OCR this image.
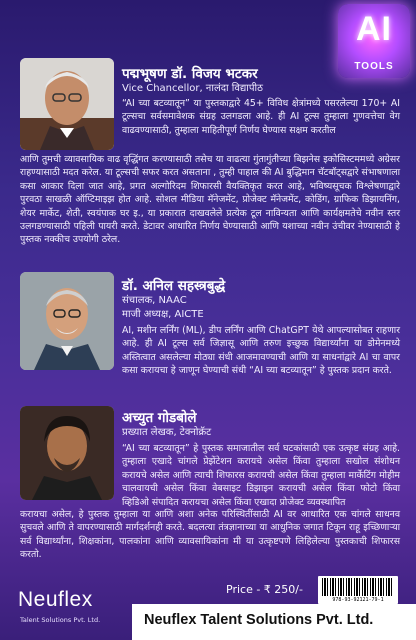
AI
TOOLS
पद्मभूषण डॉ. विजय भटकर
Vice Chancellor, नालंदा विद्यापीठ

“AI च्या बटव्यातून” या पुस्तकाद्वारे 45+ विविध क्षेत्रांमध्ये पसरलेल्या 170+ AI टूल्सचा सर्वसमावेशक संग्रह उलगडला आहे. ही AI टूल्स तुम्हाला गुणवत्तेचा वेग वाढवण्यासाठी, तुम्हाला माहितीपूर्ण निर्णय घेण्यास सक्षम करतील

आणि तुमची व्यावसायिक वाढ वृद्धिंगत करण्यासाठी तसेच या वाढत्या गुंतागुंतीच्या बिझनेस इकोसिस्टममध्ये अग्रेसर राहण्यासाठी मदत करेल. या टूल्सची सफर करत असताना , तुम्ही पाहाल की AI बुद्धिमान चॅटबॉट्सद्वारे संभाषणाला कसा आकार दिला जात आहे, प्रगत अल्गोरिदम शिफारसी वैयक्तिकृत करत आहे, भविष्यसूचक विश्लेषणाद्वारे पुरवठा साखळी ऑप्टिमाइझ होत आहे. सोशल मीडिया मॅनेजमेंट, प्रोजेक्ट मॅनेजमेंट, कोडिंग, ग्राफिक डिझायनिंग, शेयर मार्केट, शेती, स्वयंपाक घर इ., या प्रकारात दाखवलेले प्रत्येक टूल नाविन्यता आणि कार्यक्षमतेचे नवीन स्तर उलगडण्यासाठी पहिली पायरी करते. डेटावर आधारित निर्णय घेण्यासाठी आणि यशाच्या नवीन उंचीवर नेण्यासाठी हे पुस्तक नक्कीच उपयोगी ठरेल.

डॉ. अनिल सहस्त्रबुद्धे
संचालक, NAAC
माजी अध्यक्ष, AICTE

AI, मशीन लर्निंग (ML), डीप लर्निंग आणि ChatGPT येथे आपल्यासोबत राहणार आहे. ही AI टूल्स सर्व जिज्ञासू आणि तरुण इच्छुक विद्यार्थ्यांना या डोमेनमध्ये अस्तित्वात असलेल्या मोठ्या संधी आजमावण्याची आणि या साधनांद्वारे AI चा वापर कसा करायचा हे जाणून घेण्याची संधी “AI च्या बटव्यातून” हे पुस्तक प्रदान करते.

अच्युत गोडबोले
प्रख्यात लेखक, टेक्नोक्रॅट

“AI च्या बटव्यातून” हे पुस्तक समाजातील सर्व घटकांसाठी एक उत्कृष्ट संग्रह आहे. तुम्हाला एखादे चांगले प्रेझेंटेशन करायचे असेल किंवा तुम्हाला सखोल संशोधन करायचे असेल आणि त्याची शिफारस करायची असेल किंवा तुम्हाला मार्केटिंग मोहीम चालवायची असेल किंवा वेबसाइट डिझाइन करायची असेल किंवा फोटो किंवा व्हिडिओ संपादित करायचा असेल किंवा एखादा प्रोजेक्ट व्यवस्थापित

करायचा असेल, हे पुस्तक तुम्हाला या आणि अशा अनेक परिस्थितींसाठी AI वर आधारित एक चांगले साधनव सुचवले आणि ते वापरण्यासाठी मार्गदर्शनही करते. बदलत्या तंत्रज्ञानाच्या या आधुनिक जगात टिकून राहू इच्छिणाऱ्या सर्व विद्यार्थ्यांना, शिक्षकांना, पालकांना आणि व्यावसायिकांना मी या उत्कृष्टपणे लिहिलेल्या पुस्तकाची शिफारस करतो.

Price - ₹ 250/-
978-93-92121-79-1
Neuflex
Talent Solutions Pvt. Ltd.	Neuflex Talent Solutions Pvt. Ltd.
